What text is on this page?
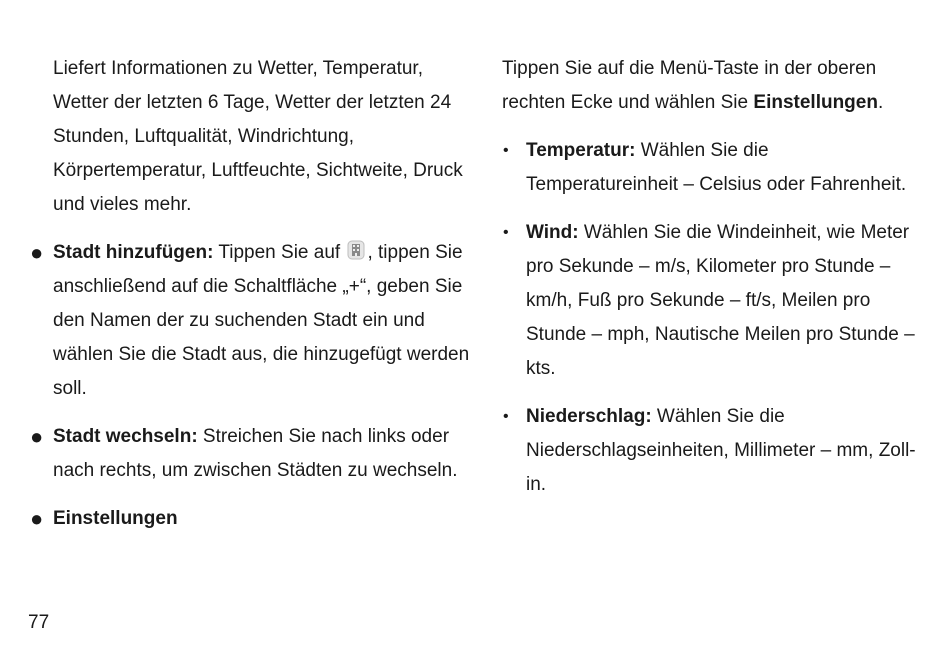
Liefert Informationen zu Wetter, Temperatur, Wetter der letzten 6 Tage, Wetter der letzten 24 Stunden, Luftqualität, Windrichtung, Körpertemperatur, Luftfeuchte, Sichtweite, Druck und vieles mehr.

● Stadt hinzufügen: Tippen Sie auf , tippen Sie anschließend auf die Schaltfläche „+“, geben Sie den Namen der zu suchenden Stadt ein und wählen Sie die Stadt aus, die hinzugefügt werden soll.

● Stadt wechseln: Streichen Sie nach links oder nach rechts, um zwischen Städten zu wechseln.

● Einstellungen

Tippen Sie auf die Menü-Taste in der oberen rechten Ecke und wählen Sie Einstellungen.

• Temperatur: Wählen Sie die Temperatureinheit – Celsius oder Fahrenheit.

• Wind: Wählen Sie die Windeinheit, wie Meter pro Sekunde – m/s, Kilometer pro Stunde – km/h, Fuß pro Sekunde – ft/s, Meilen pro Stunde – mph, Nautische Meilen pro Stunde – kts.

• Niederschlag: Wählen Sie die Niederschlagseinheiten, Millimeter – mm, Zoll- in.

77
